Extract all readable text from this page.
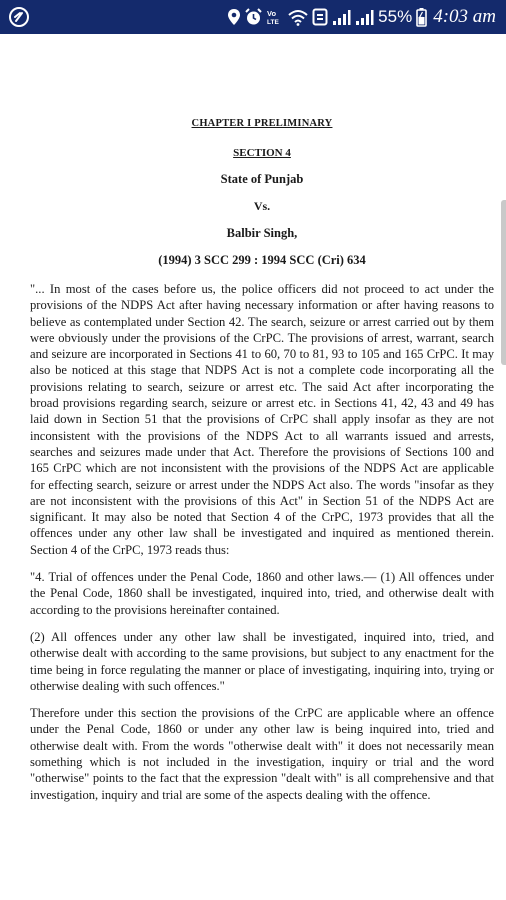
Vo
LTE	55% 4:03 am

CHAPTER I PRELIMINARY

SECTION 4

State of Punjab

Vs.

Balbir Singh,

(1994) 3 SCC 299 : 1994 SCC (Cri) 634

"... In most of the cases before us, the police officers did not proceed to act under the provisions of the NDPS Act after having necessary information or after having reasons to believe as contemplated under Section 42. The search, seizure or arrest carried out by them were obviously under the provisions of the CrPC. The provisions of arrest, warrant, search and seizure are incorporated in Sections 41 to 60, 70 to 81, 93 to 105 and 165 CrPC. It may also be noticed at this stage that NDPS Act is not a complete code incorporating all the provisions relating to search, seizure or arrest etc. The said Act after incorporating the broad provisions regarding search, seizure or arrest etc. in Sections 41, 42, 43 and 49 has laid down in Section 51 that the provisions of CrPC shall apply insofar as they are not inconsistent with the provisions of the NDPS Act to all warrants issued and arrests, searches and seizures made under that Act. Therefore the provisions of Sections 100 and 165 CrPC which are not inconsistent with the provisions of the NDPS Act are applicable for effecting search, seizure or arrest under the NDPS Act also. The words "insofar as they are not inconsistent with the provisions of this Act" in Section 51 of the NDPS Act are significant. It may also be noted that Section 4 of the CrPC, 1973 provides that all the offences under any other law shall be investigated and inquired as mentioned therein. Section 4 of the CrPC, 1973 reads thus:

"4. Trial of offences under the Penal Code, 1860 and other laws.— (1) All offences under the Penal Code, 1860 shall be investigated, inquired into, tried, and otherwise dealt with according to the provisions hereinafter contained.

(2) All offences under any other law shall be investigated, inquired into, tried, and otherwise dealt with according to the same provisions, but subject to any enactment for the time being in force regulating the manner or place of investigating, inquiring into, trying or otherwise dealing with such offences."

Therefore under this section the provisions of the CrPC are applicable where an offence under the Penal Code, 1860 or under any other law is being inquired into, tried and otherwise dealt with. From the words "otherwise dealt with" it does not necessarily mean something which is not included in the investigation, inquiry or trial and the word "otherwise" points to the fact that the expression "dealt with" is all comprehensive and that investigation, inquiry and trial are some of the aspects dealing with the offence.
